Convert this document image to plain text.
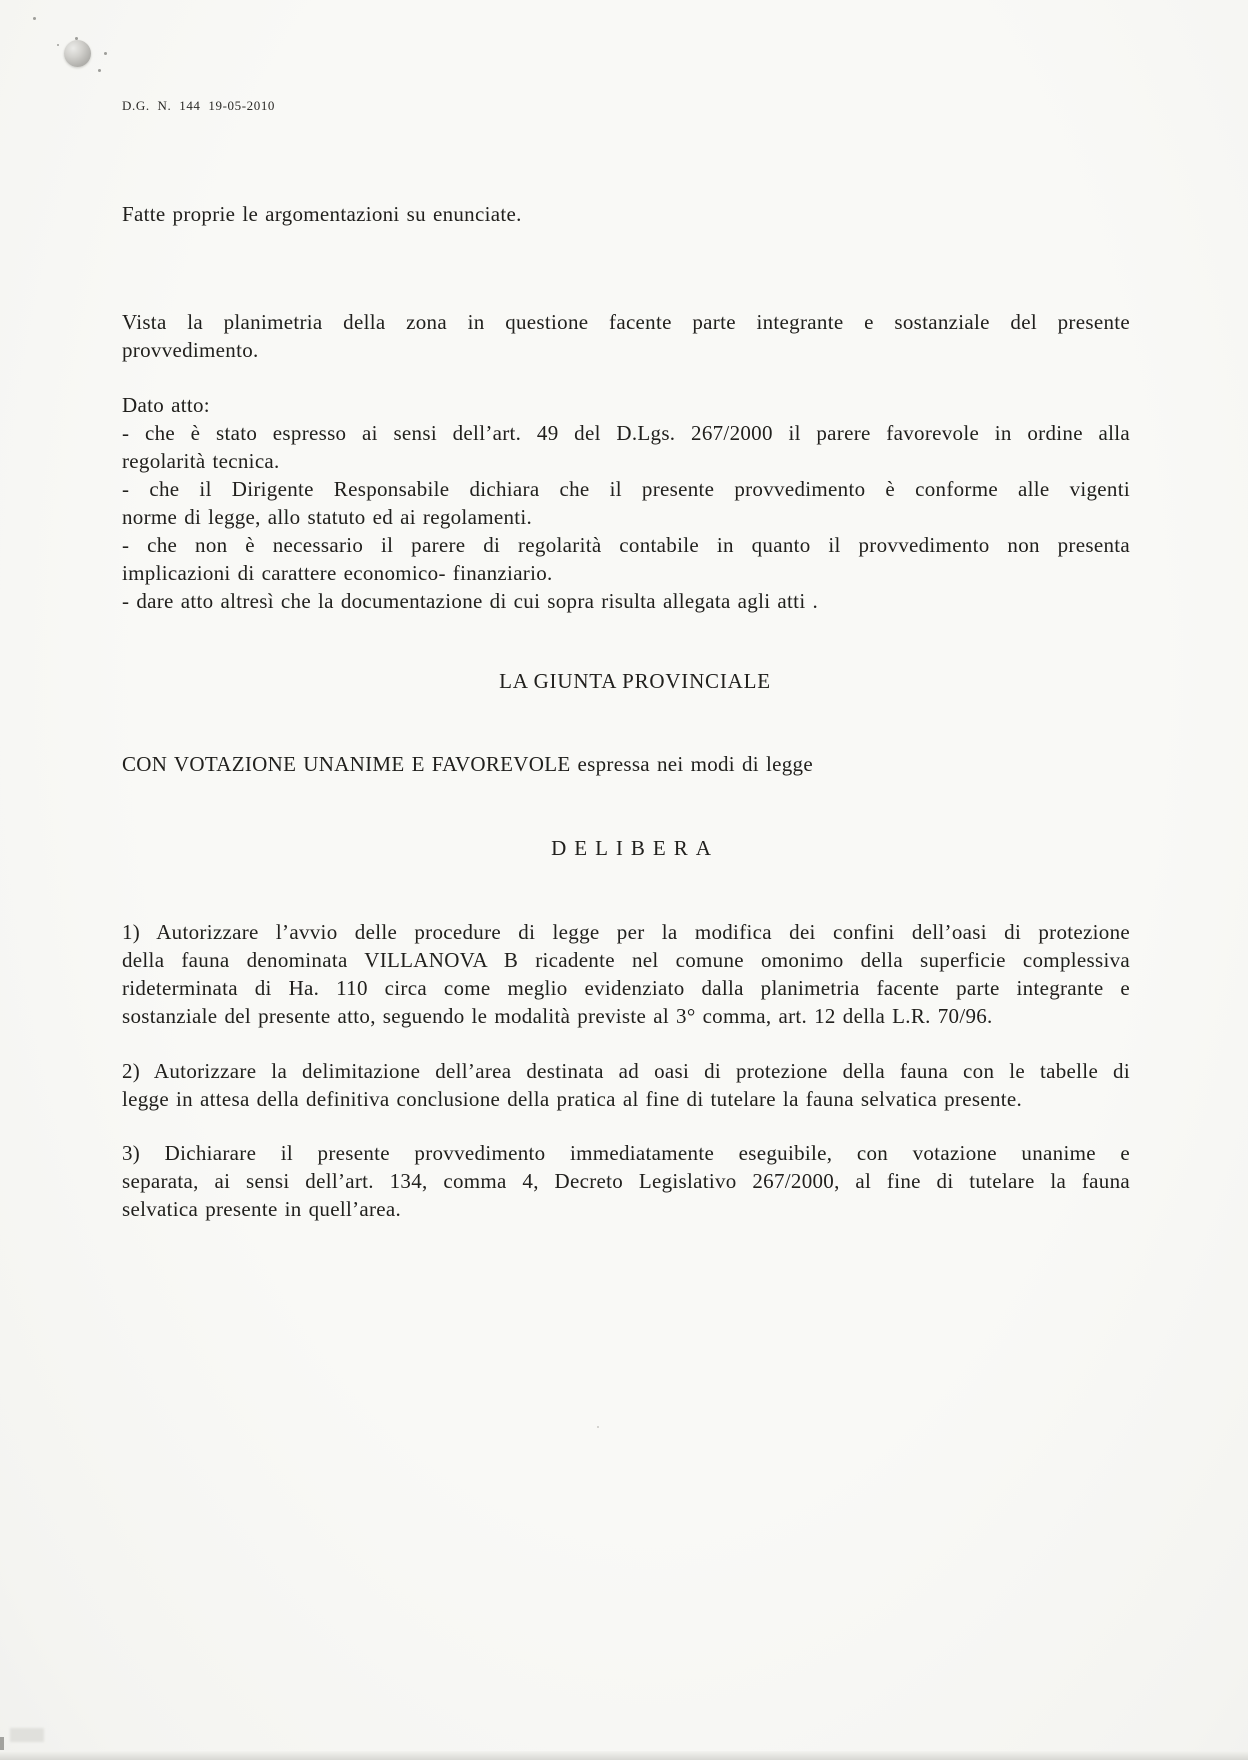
D.G. N. 144 19-05-2010
Fatte proprie le argomentazioni su enunciate.
Vista la planimetria della zona in questione facente parte integrante e sostanziale del presente
provvedimento.
Dato atto:
- che è stato espresso ai sensi dell’art. 49 del D.Lgs. 267/2000 il parere favorevole in ordine alla
regolarità tecnica.
- che il Dirigente Responsabile dichiara che il presente provvedimento è conforme alle vigenti
norme di legge, allo statuto ed ai regolamenti.
- che non è necessario il parere di regolarità contabile in quanto il provvedimento non presenta
implicazioni di carattere economico- finanziario.
- dare atto altresì che la documentazione di cui sopra risulta allegata agli atti .
LA GIUNTA PROVINCIALE
CON VOTAZIONE UNANIME E FAVOREVOLE espressa nei modi di legge
DELIBERA
1) Autorizzare l’avvio delle procedure di legge per la modifica dei confini dell’oasi di protezione
della fauna denominata VILLANOVA B ricadente nel comune omonimo della superficie complessiva
rideterminata di Ha. 110 circa come meglio evidenziato dalla planimetria facente parte integrante e
sostanziale del presente atto, seguendo le modalità previste al 3° comma, art. 12 della L.R. 70/96.
2) Autorizzare la delimitazione dell’area destinata ad oasi di protezione della fauna con le tabelle di
legge in attesa della definitiva conclusione della pratica al fine di tutelare la fauna selvatica presente.
3) Dichiarare il presente provvedimento immediatamente eseguibile, con votazione unanime e
separata, ai sensi dell’art. 134, comma 4, Decreto Legislativo 267/2000, al fine di tutelare la fauna
selvatica presente in quell’area.
